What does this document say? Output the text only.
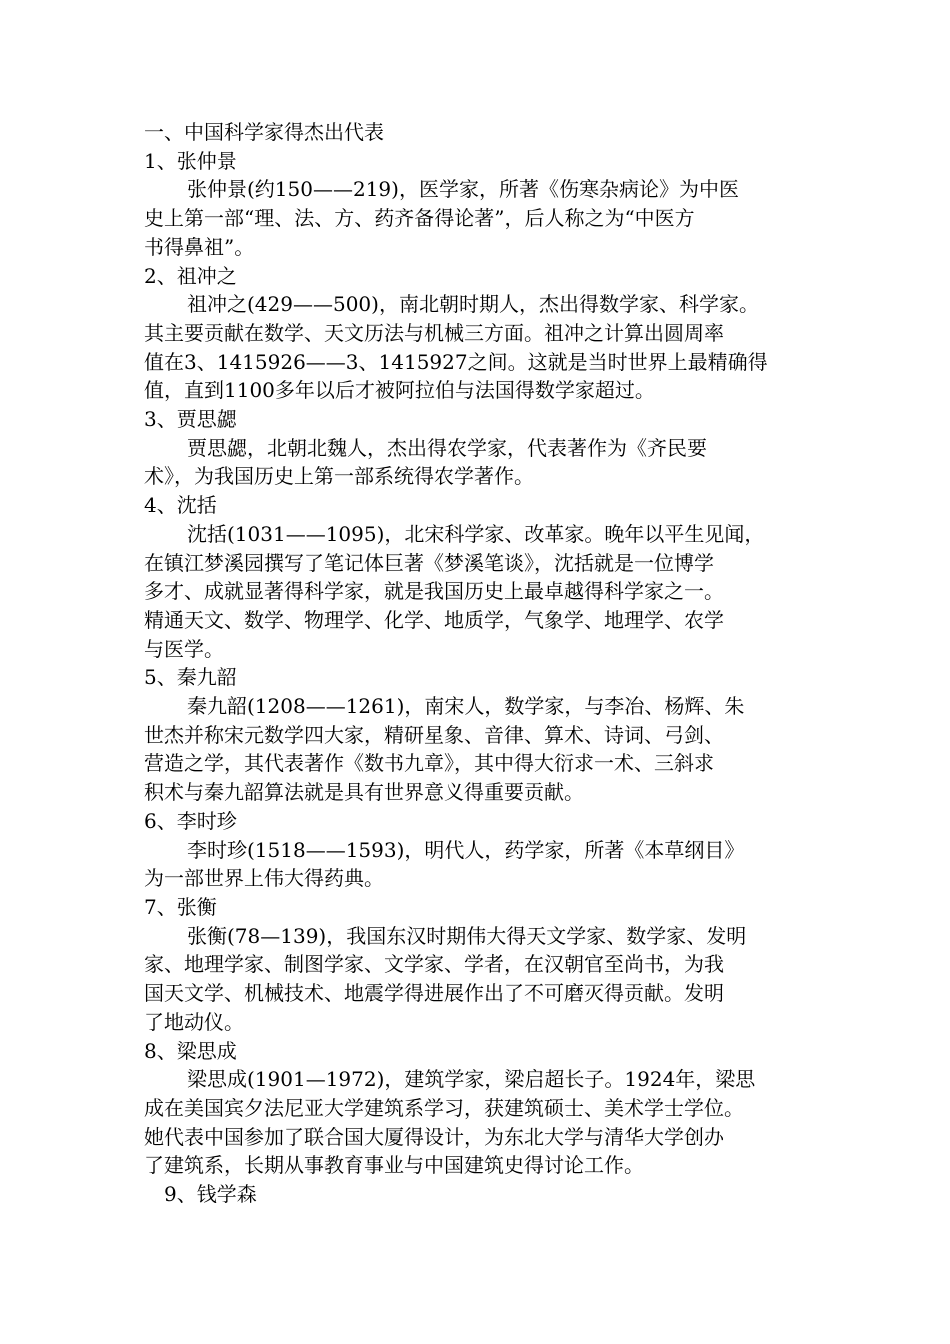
一、中国科学家得杰出代表

1、张仲景

张仲景(约150——219)，医学家，所著《伤寒杂病论》为中医

史上第一部“理、法、方、药齐备得论著”，后人称之为“中医方

书得鼻祖”。

2、祖冲之

祖冲之(429——500)，南北朝时期人，杰出得数学家、科学家。

其主要贡献在数学、天文历法与机械三方面。祖冲之计算出圆周率

值在3、1415926——3、1415927之间。这就是当时世界上最精确得

值，直到1100多年以后才被阿拉伯与法国得数学家超过。

3、贾思勰

贾思勰，北朝北魏人，杰出得农学家，代表著作为《齐民要

术》，为我国历史上第一部系统得农学著作。

4、沈括

沈括(1031——1095)，北宋科学家、改革家。晚年以平生见闻，

在镇江梦溪园撰写了笔记体巨著《梦溪笔谈》，沈括就是一位博学

多才、成就显著得科学家，就是我国历史上最卓越得科学家之一。

精通天文、数学、物理学、化学、地质学，气象学、地理学、农学

与医学。

5、秦九韶

秦九韶(1208——1261)，南宋人，数学家，与李冶、杨辉、朱

世杰并称宋元数学四大家，精研星象、音律、算术、诗词、弓剑、

营造之学，其代表著作《数书九章》，其中得大衍求一术、三斜求

积术与秦九韶算法就是具有世界意义得重要贡献。

6、李时珍

李时珍(1518——1593)，明代人，药学家，所著《本草纲目》

为一部世界上伟大得药典。

7、张衡

张衡(78—139)，我国东汉时期伟大得天文学家、数学家、发明

家、地理学家、制图学家、文学家、学者，在汉朝官至尚书，为我

国天文学、机械技术、地震学得进展作出了不可磨灭得贡献。发明

了地动仪。

8、梁思成

梁思成(1901—1972)，建筑学家，梁启超长子。1924年，梁思

成在美国宾夕法尼亚大学建筑系学习，获建筑硕士、美术学士学位。

她代表中国参加了联合国大厦得设计，为东北大学与清华大学创办

了建筑系，长期从事教育事业与中国建筑史得讨论工作。

9、钱学森
